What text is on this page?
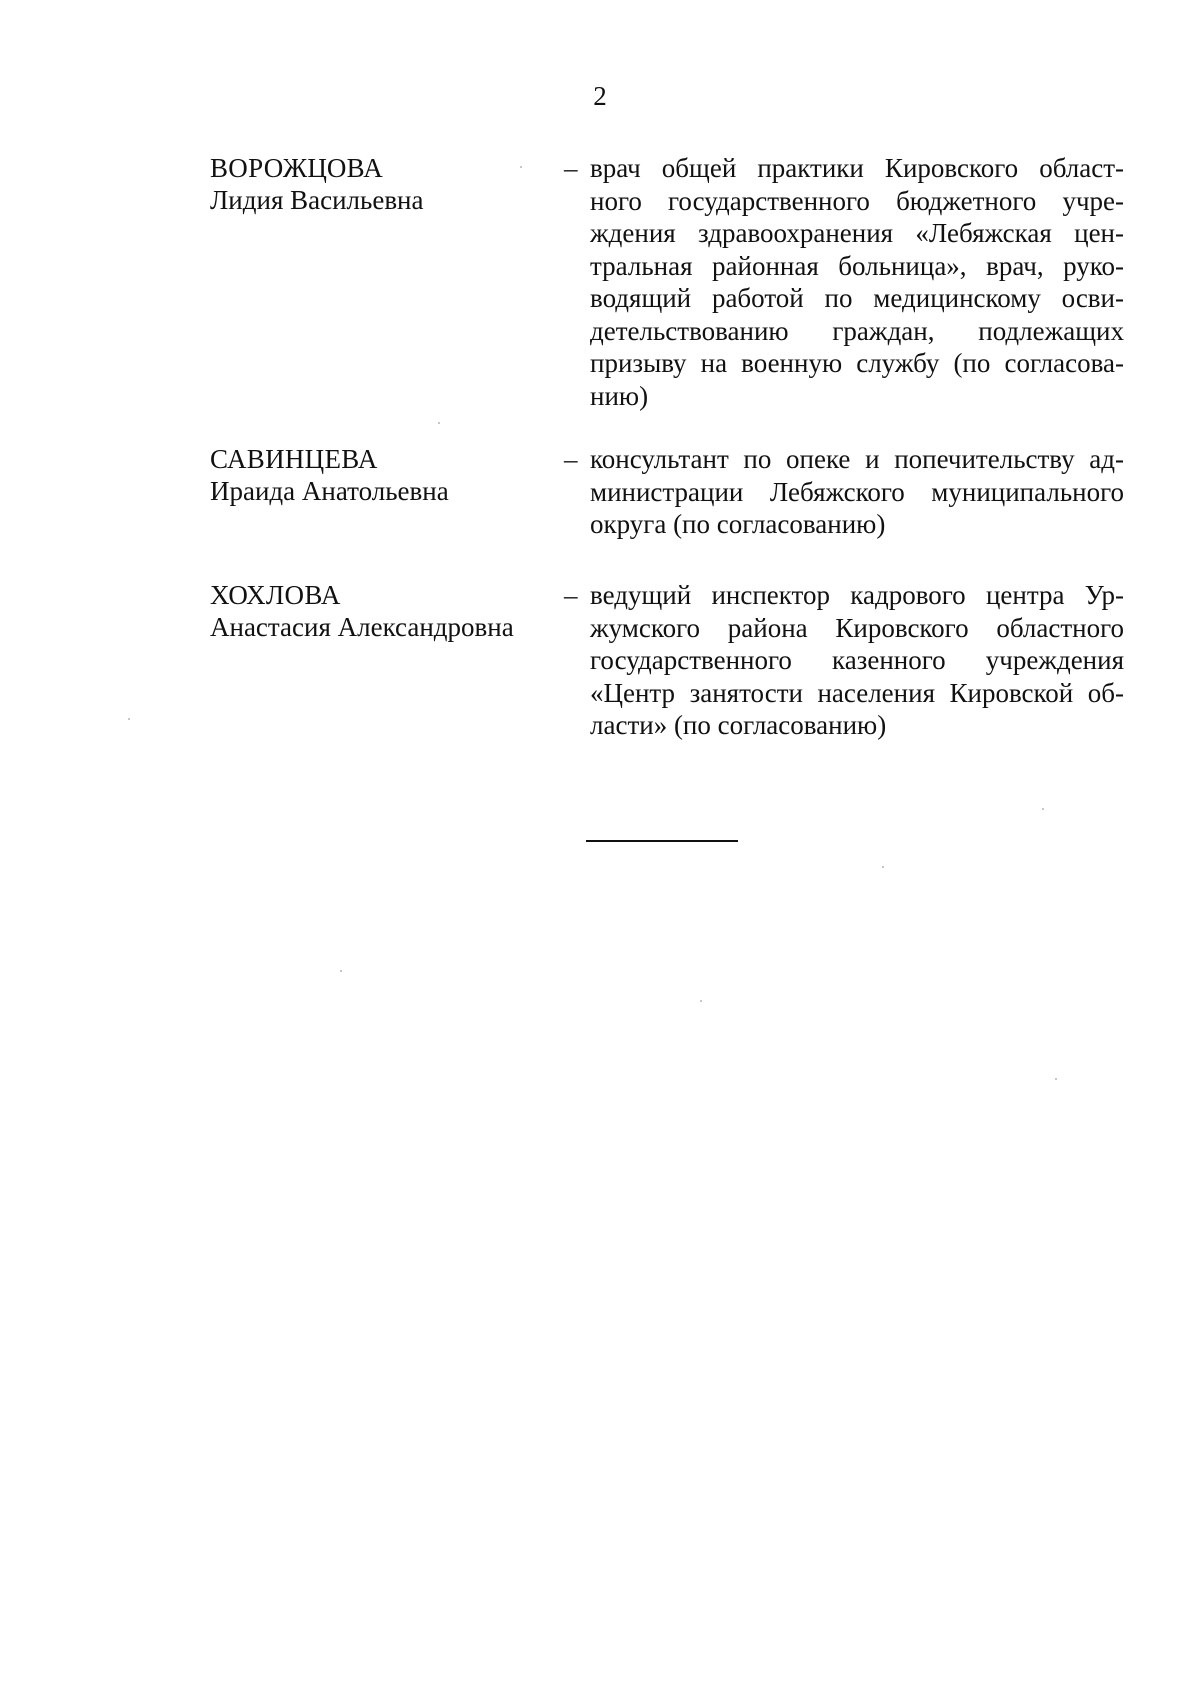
2
ВОРОЖЦОВА
Лидия Васильевна
– врач общей практики Кировского област-
ного государственного бюджетного учре-
ждения здравоохранения «Лебяжская цен-
тральная районная больница», врач, руко-
водящий работой по медицинскому осви-
детельствованию граждан, подлежащих
призыву на военную службу (по согласова-
нию)
САВИНЦЕВА
Ираида Анатольевна
– консультант по опеке и попечительству ад-
министрации Лебяжского муниципального
округа (по согласованию)
ХОХЛОВА
Анастасия Александровна
– ведущий инспектор кадрового центра Ур-
жумского района Кировского областного
государственного казенного учреждения
«Центр занятости населения Кировской об-
ласти» (по согласованию)
